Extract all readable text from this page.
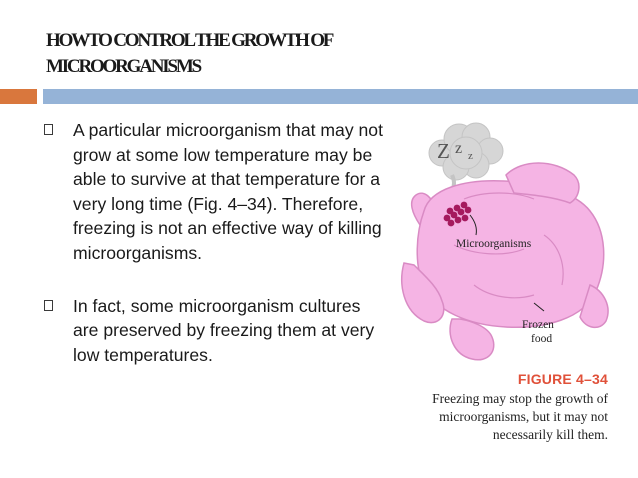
HOWTO CONTROL THE GROWTH OF
MICROORGANISMS
A particular microorganism that may not grow at some low temperature may be able to survive at that temperature for a very long time (Fig. 4–34). Therefore, freezing is not an effective way of killing microorganisms.
In fact, some microorganism cultures are preserved by freezing them at very low temperatures.
Z z z
Microorganisms
Frozen
food
FIGURE 4–34
Freezing may stop the growth of microorganisms, but it may not necessarily kill them.
